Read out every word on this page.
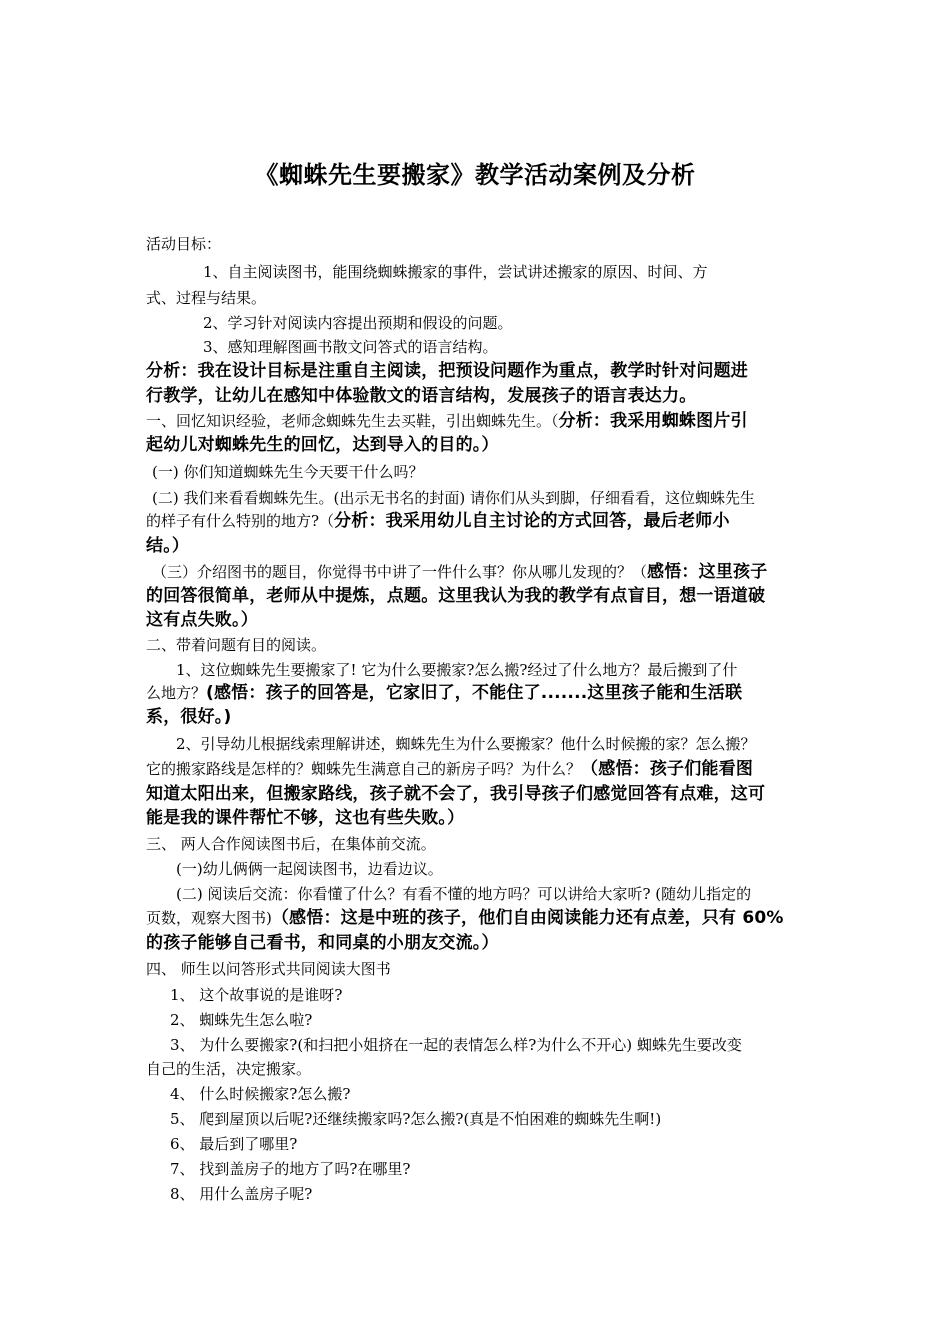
《蜘蛛先生要搬家》教学活动案例及分析
活动目标：
1、自主阅读图书，能围绕蜘蛛搬家的事件，尝试讲述搬家的原因、时间、方
式、过程与结果。
2、学习针对阅读内容提出预期和假设的问题。
3、感知理解图画书散文问答式的语言结构。
分析：我在设计目标是注重自主阅读，把预设问题作为重点，教学时针对问题进
行教学，让幼儿在感知中体验散文的语言结构，发展孩子的语言表达力。
一、回忆知识经验，老师念蜘蛛先生去买鞋，引出蜘蛛先生。（分析：我采用蜘蛛图片引
起幼儿对蜘蛛先生的回忆，达到导入的目的。）
(一) 你们知道蜘蛛先生今天要干什么吗？
(二) 我们来看看蜘蛛先生。(出示无书名的封面) 请你们从头到脚，仔细看看，这位蜘蛛先生
的样子有什么特别的地方?（分析：我采用幼儿自主讨论的方式回答，最后老师小
结。）
（三）介绍图书的题目，你觉得书中讲了一件什么事？你从哪儿发现的？（感悟：这里孩子
的回答很简单，老师从中提炼，点题。这里我认为我的教学有点盲目，想一语道破
这有点失败。）
二、带着问题有目的阅读。
1、这位蜘蛛先生要搬家了! 它为什么要搬家?怎么搬?经过了什么地方？最后搬到了什
么地方？(感悟：孩子的回答是，它家旧了，不能住了.......这里孩子能和生活联
系，很好。)
2、引导幼儿根据线索理解讲述，蜘蛛先生为什么要搬家？他什么时候搬的家？怎么搬？
它的搬家路线是怎样的？蜘蛛先生满意自己的新房子吗？为什么？（感悟：孩子们能看图
知道太阳出来，但搬家路线，孩子就不会了，我引导孩子们感觉回答有点难，这可
能是我的课件帮忙不够，这也有些失败。）
三、 两人合作阅读图书后，在集体前交流。
(一)幼儿俩俩一起阅读图书，边看边议。
(二) 阅读后交流：你看懂了什么？有看不懂的地方吗？可以讲给大家听? (随幼儿指定的
页数，观察大图书)（感悟：这是中班的孩子，他们自由阅读能力还有点差，只有 60%
的孩子能够自己看书，和同桌的小朋友交流。）
四、 师生以问答形式共同阅读大图书
1、 这个故事说的是谁呀?
2、 蜘蛛先生怎么啦?
3、 为什么要搬家?(和扫把小姐挤在一起的表情怎么样?为什么不开心) 蜘蛛先生要改变
自己的生活，决定搬家。
4、 什么时候搬家?怎么搬?
5、 爬到屋顶以后呢?还继续搬家吗?怎么搬?(真是不怕困难的蜘蛛先生啊!)
6、 最后到了哪里?
7、 找到盖房子的地方了吗?在哪里?
8、 用什么盖房子呢?
